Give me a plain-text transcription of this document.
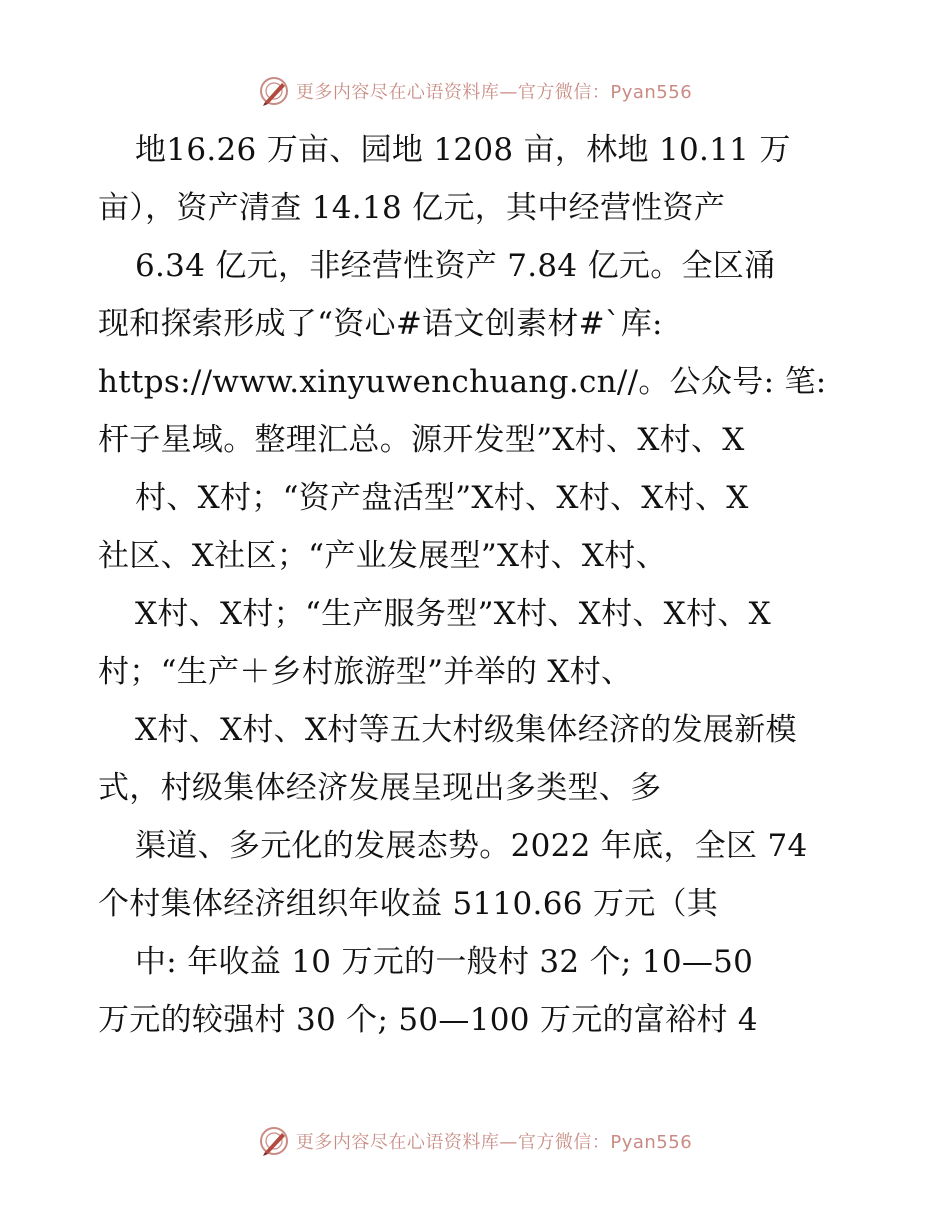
更多内容尽在心语资料库—官方微信：Pyan556
地16.26 万亩、园地 1208 亩，林地 10.11 万
亩），资产清查 14.18 亿元，其中经营性资产
6.34 亿元，非经营性资产 7.84 亿元。全区涌
现和探索形成了“资心#语文创素材#`库:
https://www.xinyuwenchuang.cn//。公众号: 笔:
杆子星域。整理汇总。源开发型”X村、X村、X
村、X村；“资产盘活型”X村、X村、X村、X
社区、X社区；“产业发展型”X村、X村、
X村、X村；“生产服务型”X村、X村、X村、X
村；“生产＋乡村旅游型”并举的 X村、
X村、X村、X村等五大村级集体经济的发展新模
式，村级集体经济发展呈现出多类型、多
渠道、多元化的发展态势。2022 年底，全区 74
个村集体经济组织年收益 5110.66 万元（其
中: 年收益 10 万元的一般村 32 个; 10—50
万元的较强村 30 个; 50—100 万元的富裕村 4
更多内容尽在心语资料库—官方微信：Pyan556
